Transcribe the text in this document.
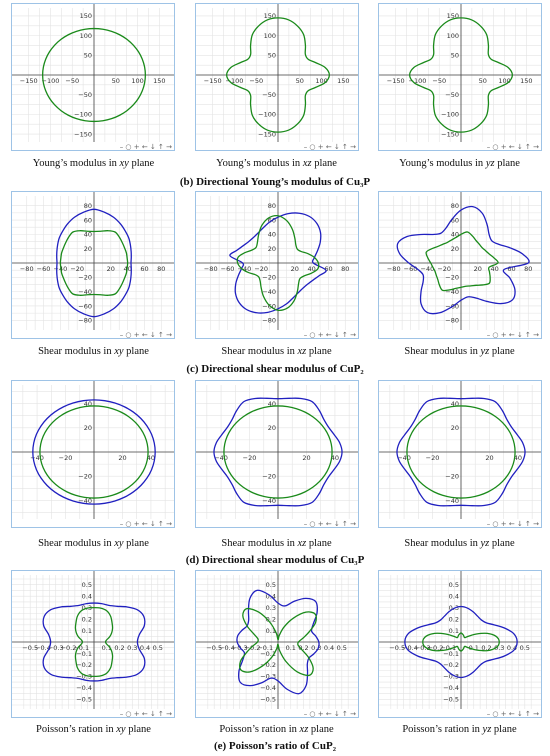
−150 −100 −50	50 100 150
150
100
50
−50
−100
−150
– ○ + ← ↓ ↑ →
−150 −100 −50	50 100 150
150
100
50
−50
−100
−150
– ○ + ← ↓ ↑ →
−150 −100 −50	50 100 150
150
100
50
−50
−100
−150
– ○ + ← ↓ ↑ →
Young’s modulus in xy plane	Young’s modulus in xz plane	Young’s modulus in yz plane
(b) Directional Young’s modulus of Cu₃P
−80 −60 −40 −20	20 40 60 80
80
60
40
20
−20
−40
−60
−80
– ○ + ← ↓ ↑ →
−80 −60 −40 −20	20 40 60 80
80
60
40
20
−20
−40
−60
−80
– ○ + ← ↓ ↑ →
−80 −60 −40 −20	20 40 60 80
80
60
40
20
−20
−40
−60
−80
– ○ + ← ↓ ↑ →
Shear modulus in xy plane	Shear modulus in xz plane	Shear modulus in yz plane
(c) Directional shear modulus of CuP₂
−40 −20	20	40
40
20
−20
−40
– ○ + ← ↓ ↑ →
−40 −20	20	40
40
20
−20
−40
– ○ + ← ↓ ↑ →
−40 −20	20	40
40
20
−20
−40
– ○ + ← ↓ ↑ →
Shear modulus in xy plane	Shear modulus in xz plane	Shear modulus in yz plane
(d) Directional shear modulus of Cu₃P
−0.5
−0.4
−0.3
−0.2
−0.1 0.1 0.2 0.3 0.4 0.5
0.5
0.4
0.3
0.2
0.1
−0.1
−0.2
−0.3
−0.4
−0.5
– ○ + ← ↓ ↑ →
−0.5
−0.4
−0.3
−0.2
−0.1 0.1 0.2 0.3 0.4 0.5
0.5
0.4
0.3
0.2
0.1
−0.1
−0.2
−0.3
−0.4
−0.5
– ○ + ← ↓ ↑ →
−0.5
−0.4
−0.3
−0.2
−0.1 0.1 0.2 0.3 0.4 0.5
0.5
0.4
0.3
0.2
0.1
−0.1
−0.2
−0.3
−0.4
−0.5
– ○ + ← ↓ ↑ →
Poisson’s ration in xy plane	Poisson’s ration in xz plane	Poisson’s ration in yz plane
(e) Poisson’s ratio of CuP₂
